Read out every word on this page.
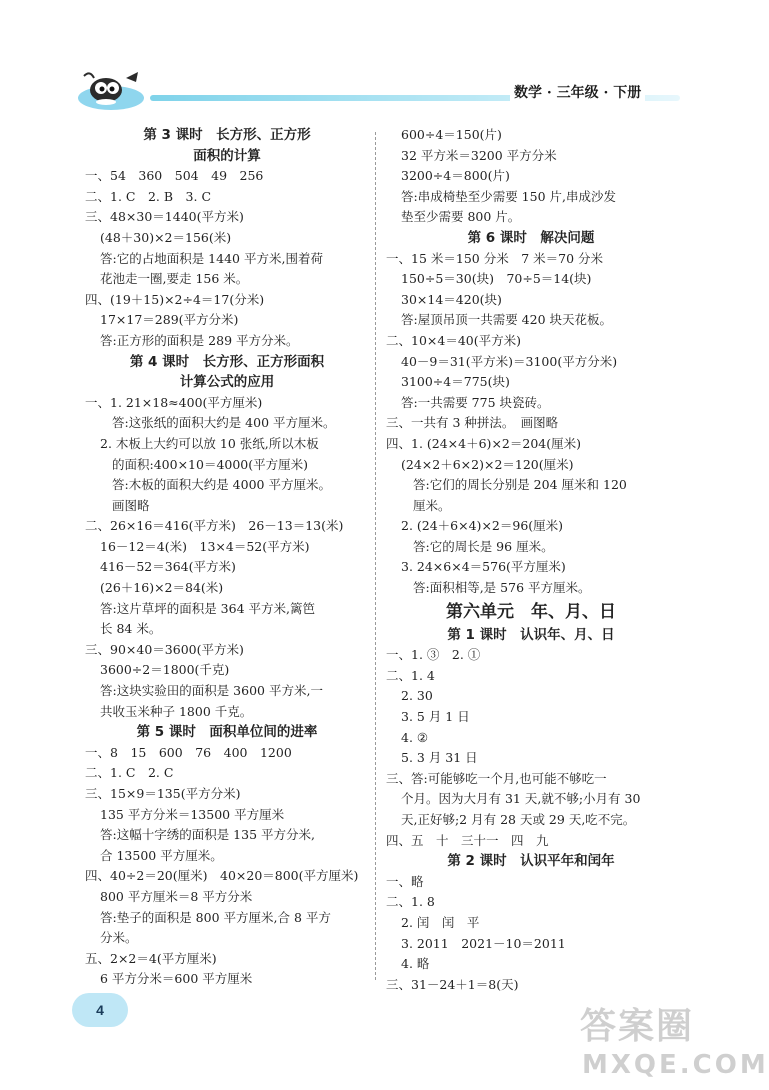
数学 · 三年级 · 下册
第 3 课时　长方形、正方形
面积的计算
一、54　360　504　49　256
二、1. C　2. B　3. C
三、48×30＝1440(平方米)
(48＋30)×2＝156(米)
答:它的占地面积是 1440 平方米,围着荷
花池走一圈,要走 156 米。
四、(19＋15)×2÷4＝17(分米)
17×17＝289(平方分米)
答:正方形的面积是 289 平方分米。
第 4 课时　长方形、正方形面积
计算公式的应用
一、1. 21×18≈400(平方厘米)
答:这张纸的面积大约是 400 平方厘米。
2. 木板上大约可以放 10 张纸,所以木板
的面积:400×10＝4000(平方厘米)
答:木板的面积大约是 4000 平方厘米。
画图略
二、26×16＝416(平方米)　26－13＝13(米)
16－12＝4(米)　13×4＝52(平方米)
416－52＝364(平方米)
(26＋16)×2＝84(米)
答:这片草坪的面积是 364 平方米,篱笆
长 84 米。
三、90×40＝3600(平方米)
3600÷2＝1800(千克)
答:这块实验田的面积是 3600 平方米,一
共收玉米种子 1800 千克。
第 5 课时　面积单位间的进率
一、8　15　600　76　400　1200
二、1. C　2. C
三、15×9＝135(平方分米)
135 平方分米＝13500 平方厘米
答:这幅十字绣的面积是 135 平方分米,
合 13500 平方厘米。
四、40÷2＝20(厘米)　40×20＝800(平方厘米)
800 平方厘米＝8 平方分米
答:垫子的面积是 800 平方厘米,合 8 平方
分米。
五、2×2＝4(平方厘米)
6 平方分米＝600 平方厘米
600÷4＝150(片)
32 平方米＝3200 平方分米
3200÷4＝800(片)
答:串成椅垫至少需要 150 片,串成沙发
垫至少需要 800 片。
第 6 课时　解决问题
一、15 米＝150 分米　7 米＝70 分米
150÷5＝30(块)　70÷5＝14(块)
30×14＝420(块)
答:屋顶吊顶一共需要 420 块天花板。
二、10×4＝40(平方米)
40－9＝31(平方米)＝3100(平方分米)
3100÷4＝775(块)
答:一共需要 775 块瓷砖。
三、一共有 3 种拼法。　画图略
四、1. (24×4＋6)×2＝204(厘米)
(24×2＋6×2)×2＝120(厘米)
答:它们的周长分别是 204 厘米和 120
厘米。
2. (24＋6×4)×2＝96(厘米)
答:它的周长是 96 厘米。
3. 24×6×4＝576(平方厘米)
答:面积相等,是 576 平方厘米。
第六单元　年、月、日
第 1 课时　认识年、月、日
一、1. ③　2. ①
二、1. 4
2. 30
3. 5 月 1 日
4. ②
5. 3 月 31 日
三、答:可能够吃一个月,也可能不够吃一
个月。因为大月有 31 天,就不够;小月有 30
天,正好够;2 月有 28 天或 29 天,吃不完。
四、五　十　三十一　四　九
第 2 课时　认识平年和闰年
一、略
二、1. 8
2. 闰　闰　平
3. 2011　2021－10＝2011
4. 略
三、31－24＋1＝8(天)
4	答案圈
MXQE.COM
